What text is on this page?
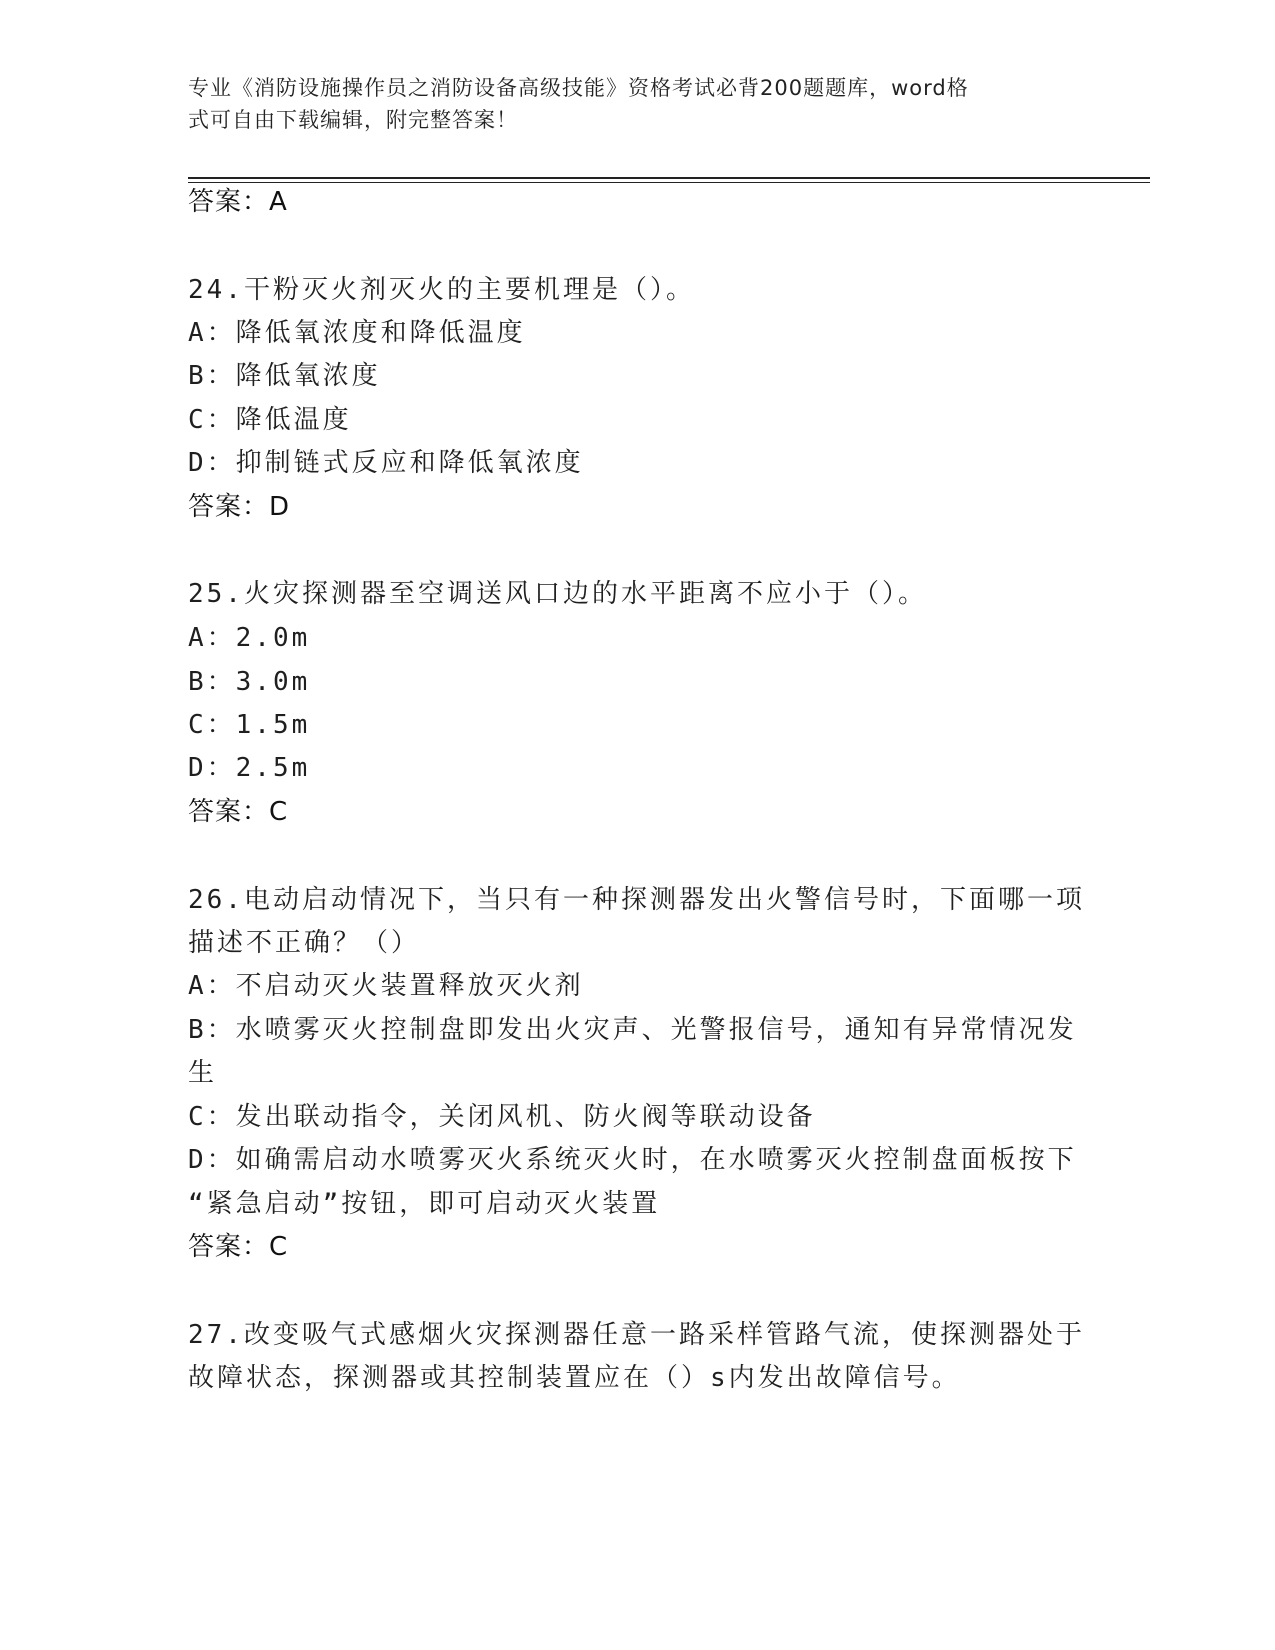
专业《消防设施操作员之消防设备高级技能》资格考试必背200题题库，word格
式可自由下载编辑，附完整答案！
答案：A
24.干粉灭火剂灭火的主要机理是（）。
A：降低氧浓度和降低温度
B：降低氧浓度
C：降低温度
D：抑制链式反应和降低氧浓度
答案：D
25.火灾探测器至空调送风口边的水平距离不应小于（）。
A：2.0m
B：3.0m
C：1.5m
D：2.5m
答案：C
26.电动启动情况下，当只有一种探测器发出火警信号时，下面哪一项
描述不正确？（）
A：不启动灭火装置释放灭火剂
B：水喷雾灭火控制盘即发出火灾声、光警报信号，通知有异常情况发
生
C：发出联动指令，关闭风机、防火阀等联动设备
D：如确需启动水喷雾灭火系统灭火时，在水喷雾灭火控制盘面板按下
“紧急启动”按钮，即可启动灭火装置
答案：C
27.改变吸气式感烟火灾探测器任意一路采样管路气流，使探测器处于
故障状态，探测器或其控制装置应在（）s内发出故障信号。
